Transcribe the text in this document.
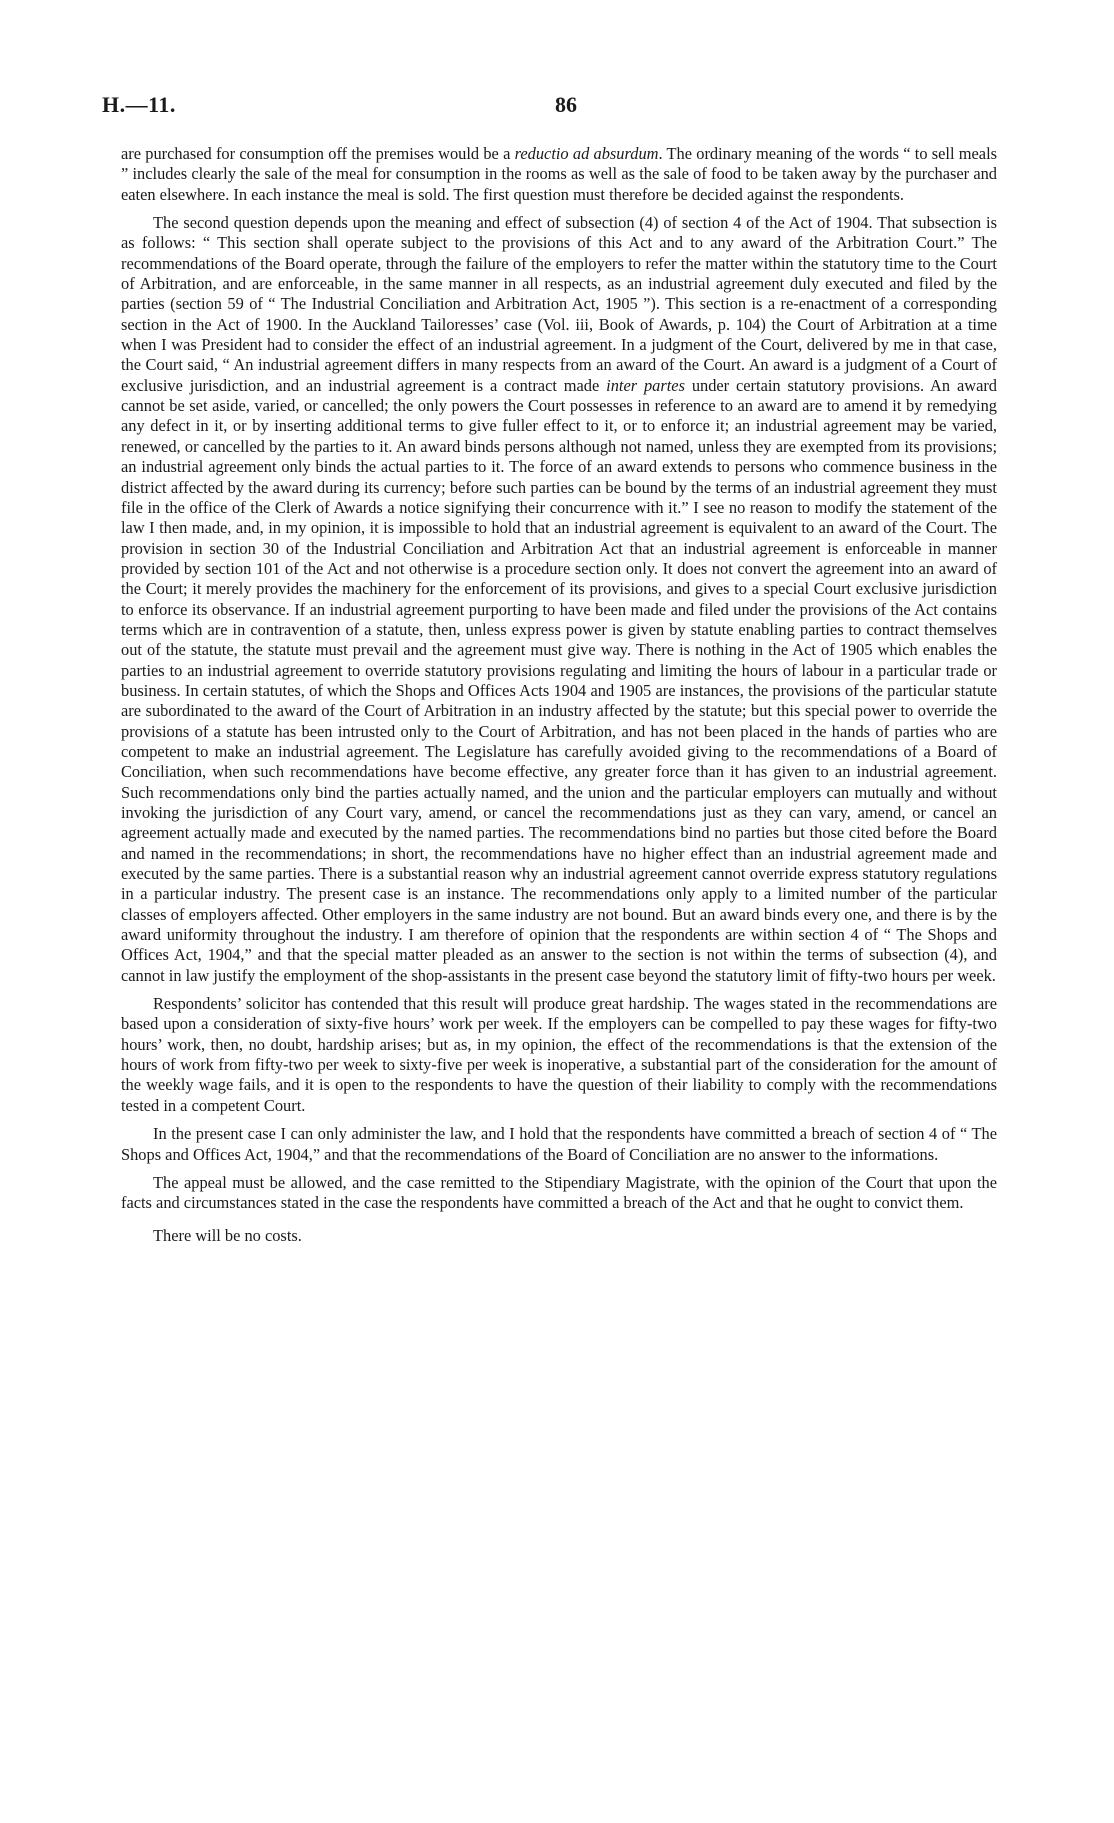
H.—11.	86

are purchased for consumption off the premises would be a reductio ad absurdum. The ordinary meaning of the words “ to sell meals ” includes clearly the sale of the meal for consumption in the rooms as well as the sale of food to be taken away by the purchaser and eaten elsewhere. In each instance the meal is sold. The first question must therefore be decided against the respondents.

The second question depends upon the meaning and effect of subsection (4) of section 4 of the Act of 1904. That subsection is as follows: “ This section shall operate subject to the provisions of this Act and to any award of the Arbitration Court.” The recommendations of the Board operate, through the failure of the employers to refer the matter within the statutory time to the Court of Arbitration, and are enforceable, in the same manner in all respects, as an industrial agreement duly executed and filed by the parties (section 59 of “ The Industrial Conciliation and Arbitration Act, 1905 ”). This section is a re-enactment of a corresponding section in the Act of 1900. In the Auckland Tailoresses’ case (Vol. iii, Book of Awards, p. 104) the Court of Arbitration at a time when I was President had to consider the effect of an industrial agreement. In a judgment of the Court, delivered by me in that case, the Court said, “ An industrial agreement differs in many respects from an award of the Court. An award is a judgment of a Court of exclusive jurisdiction, and an industrial agreement is a contract made inter partes under certain statutory provisions. An award cannot be set aside, varied, or cancelled; the only powers the Court possesses in reference to an award are to amend it by remedying any defect in it, or by inserting additional terms to give fuller effect to it, or to enforce it; an industrial agreement may be varied, renewed, or cancelled by the parties to it. An award binds persons although not named, unless they are exempted from its provisions; an industrial agreement only binds the actual parties to it. The force of an award extends to persons who commence business in the district affected by the award during its currency; before such parties can be bound by the terms of an industrial agreement they must file in the office of the Clerk of Awards a notice signifying their concurrence with it.” I see no reason to modify the statement of the law I then made, and, in my opinion, it is impossible to hold that an industrial agreement is equivalent to an award of the Court. The provision in section 30 of the Industrial Conciliation and Arbitration Act that an industrial agreement is enforceable in manner provided by section 101 of the Act and not otherwise is a procedure section only. It does not convert the agreement into an award of the Court; it merely provides the machinery for the enforcement of its provisions, and gives to a special Court exclusive jurisdiction to enforce its observance. If an industrial agreement purporting to have been made and filed under the provisions of the Act contains terms which are in contravention of a statute, then, unless express power is given by statute enabling parties to contract themselves out of the statute, the statute must prevail and the agreement must give way. There is nothing in the Act of 1905 which enables the parties to an industrial agreement to override statutory provisions regulating and limiting the hours of labour in a particular trade or business. In certain statutes, of which the Shops and Offices Acts 1904 and 1905 are instances, the provisions of the particular statute are subordinated to the award of the Court of Arbitration in an industry affected by the statute; but this special power to override the provisions of a statute has been intrusted only to the Court of Arbitration, and has not been placed in the hands of parties who are competent to make an industrial agreement. The Legislature has carefully avoided giving to the recommendations of a Board of Conciliation, when such recommendations have become effective, any greater force than it has given to an industrial agreement. Such recommendations only bind the parties actually named, and the union and the particular employers can mutually and without invoking the jurisdiction of any Court vary, amend, or cancel the recommendations just as they can vary, amend, or cancel an agreement actually made and executed by the named parties. The recommendations bind no parties but those cited before the Board and named in the recommendations; in short, the recommendations have no higher effect than an industrial agreement made and executed by the same parties. There is a substantial reason why an industrial agreement cannot override express statutory regulations in a particular industry. The present case is an instance. The recommendations only apply to a limited number of the particular classes of employers affected. Other employers in the same industry are not bound. But an award binds every one, and there is by the award uniformity throughout the industry. I am therefore of opinion that the respondents are within section 4 of “ The Shops and Offices Act, 1904,” and that the special matter pleaded as an answer to the section is not within the terms of subsection (4), and cannot in law justify the employment of the shop-assistants in the present case beyond the statutory limit of fifty-two hours per week.

Respondents’ solicitor has contended that this result will produce great hardship. The wages stated in the recommendations are based upon a consideration of sixty-five hours’ work per week. If the employers can be compelled to pay these wages for fifty-two hours’ work, then, no doubt, hardship arises; but as, in my opinion, the effect of the recommendations is that the extension of the hours of work from fifty-two per week to sixty-five per week is inoperative, a substantial part of the consideration for the amount of the weekly wage fails, and it is open to the respondents to have the question of their liability to comply with the recommendations tested in a competent Court.

In the present case I can only administer the law, and I hold that the respondents have committed a breach of section 4 of “ The Shops and Offices Act, 1904,” and that the recommendations of the Board of Conciliation are no answer to the informations.

The appeal must be allowed, and the case remitted to the Stipendiary Magistrate, with the opinion of the Court that upon the facts and circumstances stated in the case the respondents have committed a breach of the Act and that he ought to convict them.

There will be no costs.
